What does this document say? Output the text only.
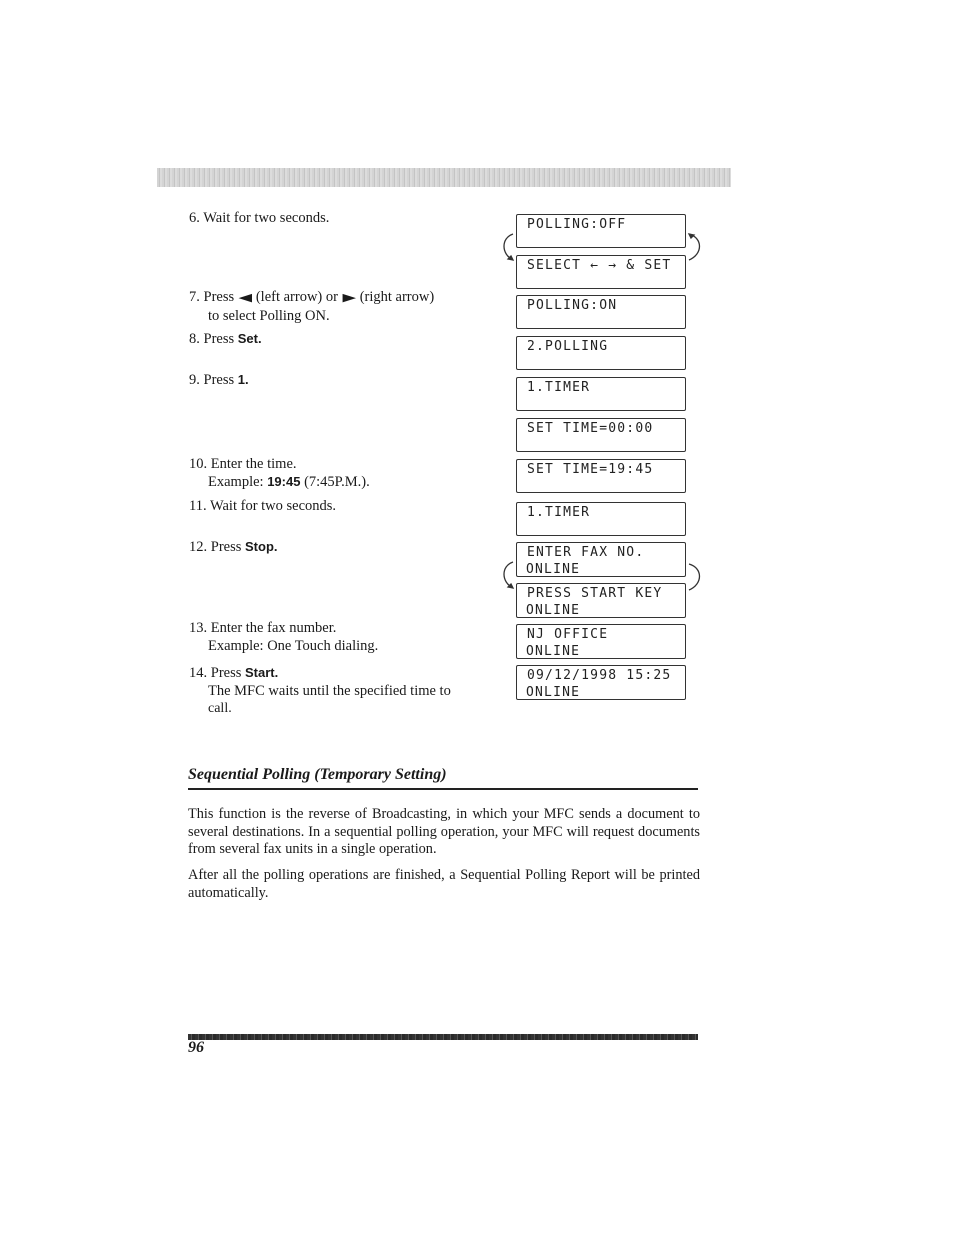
6. Wait for two seconds.
7. Press ◀ (left arrow) or ▶ (right arrow)
to select Polling ON.
8. Press Set.
9. Press 1.
10. Enter the time.
Example: 19:45 (7:45P.M.).
11. Wait for two seconds.
12. Press Stop.
13. Enter the fax number.
Example: One Touch dialing.
14. Press Start.
The MFC waits until the specified time to
call.
POLLING:OFF
SELECT ← → & SET
POLLING:ON
2.POLLING
1.TIMER
SET TIME=00:00
SET TIME=19:45
1.TIMER
ENTER FAX NO.
ONLINE
PRESS START KEY
ONLINE
NJ OFFICE
ONLINE
09/12/1998 15:25
ONLINE
Sequential Polling (Temporary Setting)
This function is the reverse of Broadcasting, in which your MFC sends a document to several destinations. In a sequential polling operation, your MFC will request documents from several fax units in a single operation.
After all the polling operations are finished, a Sequential Polling Report will be printed automatically.
96
